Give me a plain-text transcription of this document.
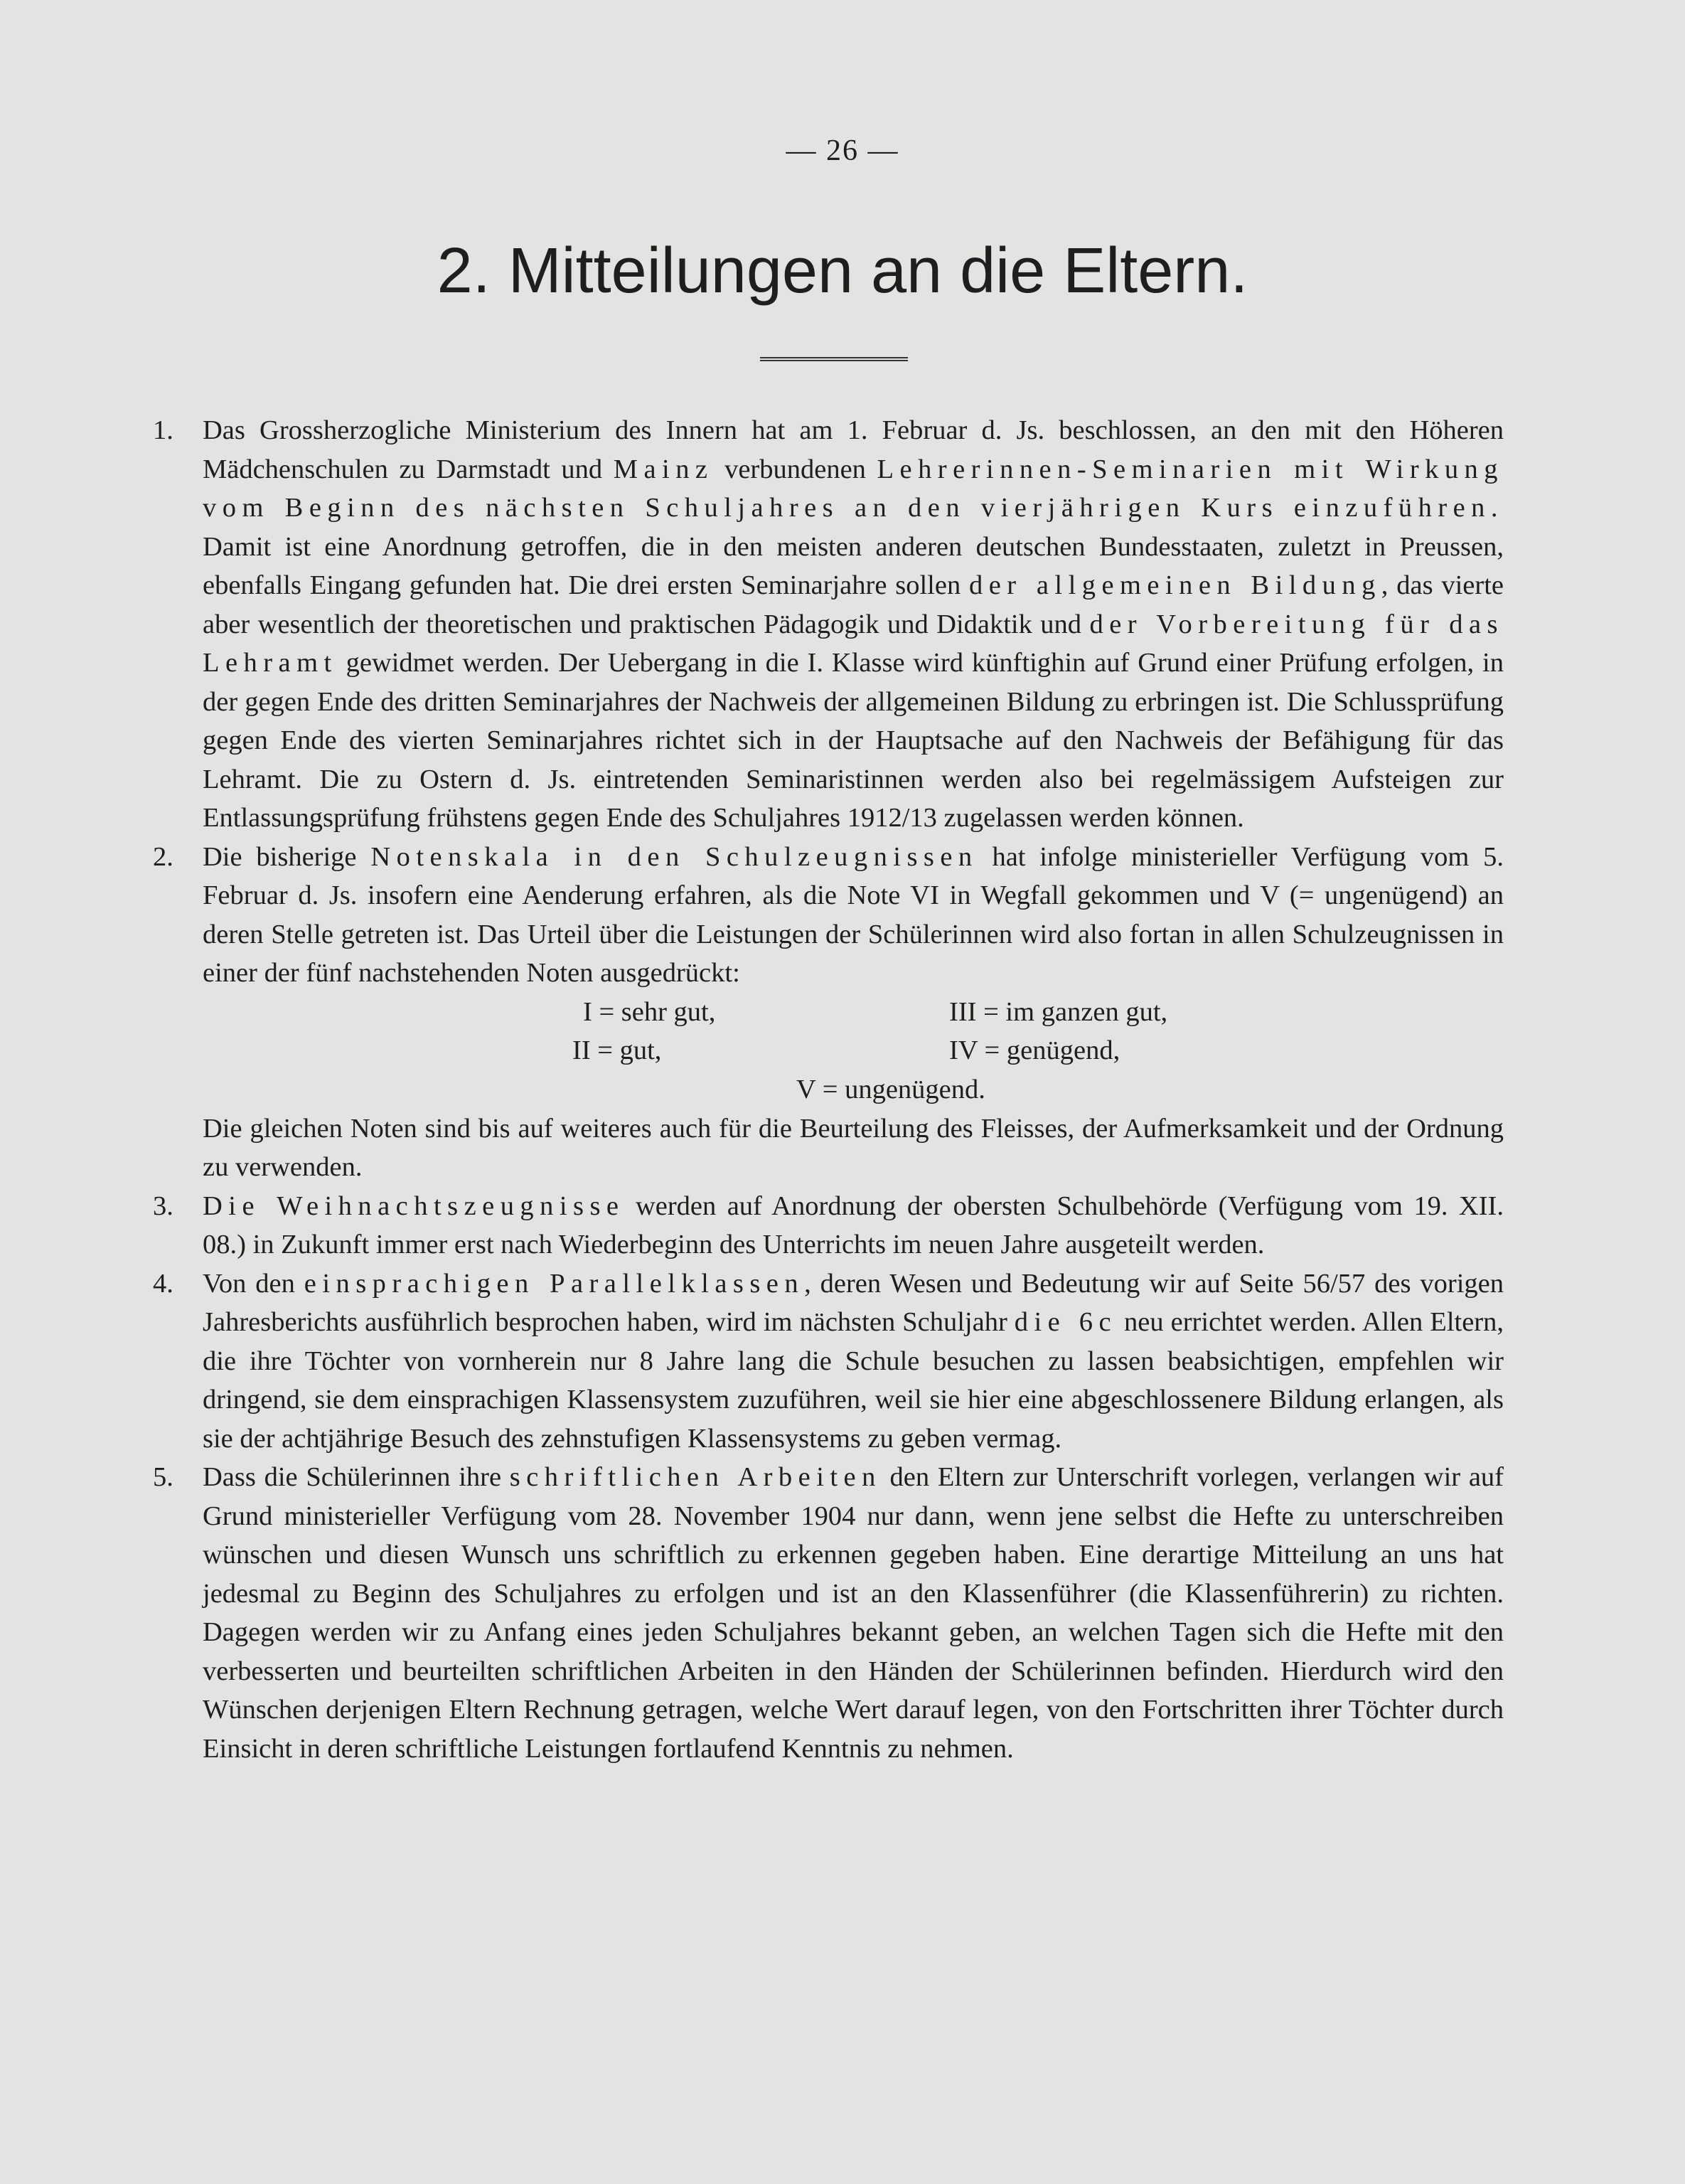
— 26 —
2. Mitteilungen an die Eltern.
1. Das Grossherzogliche Ministerium des Innern hat am 1. Februar d. Js. beschlossen, an den mit den Höheren Mädchenschulen zu Darmstadt und Mainz verbundenen Lehrerinnen-Seminarien mit Wirkung vom Beginn des nächsten Schuljahres an den vierjährigen Kurs einzuführen. Damit ist eine Anordnung getroffen, die in den meisten anderen deutschen Bundesstaaten, zuletzt in Preussen, ebenfalls Eingang gefunden hat. Die drei ersten Seminarjahre sollen der allgemeinen Bildung, das vierte aber wesentlich der theoretischen und praktischen Pädagogik und Didaktik und der Vorbereitung für das Lehramt gewidmet werden. Der Uebergang in die I. Klasse wird künftighin auf Grund einer Prüfung erfolgen, in der gegen Ende des dritten Seminarjahres der Nachweis der allgemeinen Bildung zu erbringen ist. Die Schlussprüfung gegen Ende des vierten Seminarjahres richtet sich in der Hauptsache auf den Nachweis der Befähigung für das Lehramt. Die zu Ostern d. Js. eintretenden Seminaristinnen werden also bei regelmässigem Aufsteigen zur Entlassungsprüfung frühstens gegen Ende des Schuljahres 1912/13 zugelassen werden können.
2. Die bisherige Notenskala in den Schulzeugnissen hat infolge ministerieller Verfügung vom 5. Februar d. Js. insofern eine Aenderung erfahren, als die Note VI in Wegfall gekommen und V (= ungenügend) an deren Stelle getreten ist. Das Urteil über die Leistungen der Schülerinnen wird also fortan in allen Schulzeugnissen in einer der fünf nachstehenden Noten ausgedrückt:
I = sehr gut,	III = im ganzen gut,
II = gut,	IV = genügend,
V = ungenügend.
Die gleichen Noten sind bis auf weiteres auch für die Beurteilung des Fleisses, der Aufmerksamkeit und der Ordnung zu verwenden.
3. Die Weihnachtszeugnisse werden auf Anordnung der obersten Schulbehörde (Verfügung vom 19. XII. 08.) in Zukunft immer erst nach Wiederbeginn des Unterrichts im neuen Jahre ausgeteilt werden.
4. Von den einsprachigen Parallelklassen, deren Wesen und Bedeutung wir auf Seite 56/57 des vorigen Jahresberichts ausführlich besprochen haben, wird im nächsten Schuljahr die 6c neu errichtet werden. Allen Eltern, die ihre Töchter von vornherein nur 8 Jahre lang die Schule besuchen zu lassen beabsichtigen, empfehlen wir dringend, sie dem einsprachigen Klassensystem zuzuführen, weil sie hier eine abgeschlossenere Bildung erlangen, als sie der achtjährige Besuch des zehnstufigen Klassensystems zu geben vermag.
5. Dass die Schülerinnen ihre schriftlichen Arbeiten den Eltern zur Unterschrift vorlegen, verlangen wir auf Grund ministerieller Verfügung vom 28. November 1904 nur dann, wenn jene selbst die Hefte zu unterschreiben wünschen und diesen Wunsch uns schriftlich zu erkennen gegeben haben. Eine derartige Mitteilung an uns hat jedesmal zu Beginn des Schuljahres zu erfolgen und ist an den Klassenführer (die Klassenführerin) zu richten. Dagegen werden wir zu Anfang eines jeden Schuljahres bekannt geben, an welchen Tagen sich die Hefte mit den verbesserten und beurteilten schriftlichen Arbeiten in den Händen der Schülerinnen befinden. Hierdurch wird den Wünschen derjenigen Eltern Rechnung getragen, welche Wert darauf legen, von den Fortschritten ihrer Töchter durch Einsicht in deren schriftliche Leistungen fortlaufend Kenntnis zu nehmen.
